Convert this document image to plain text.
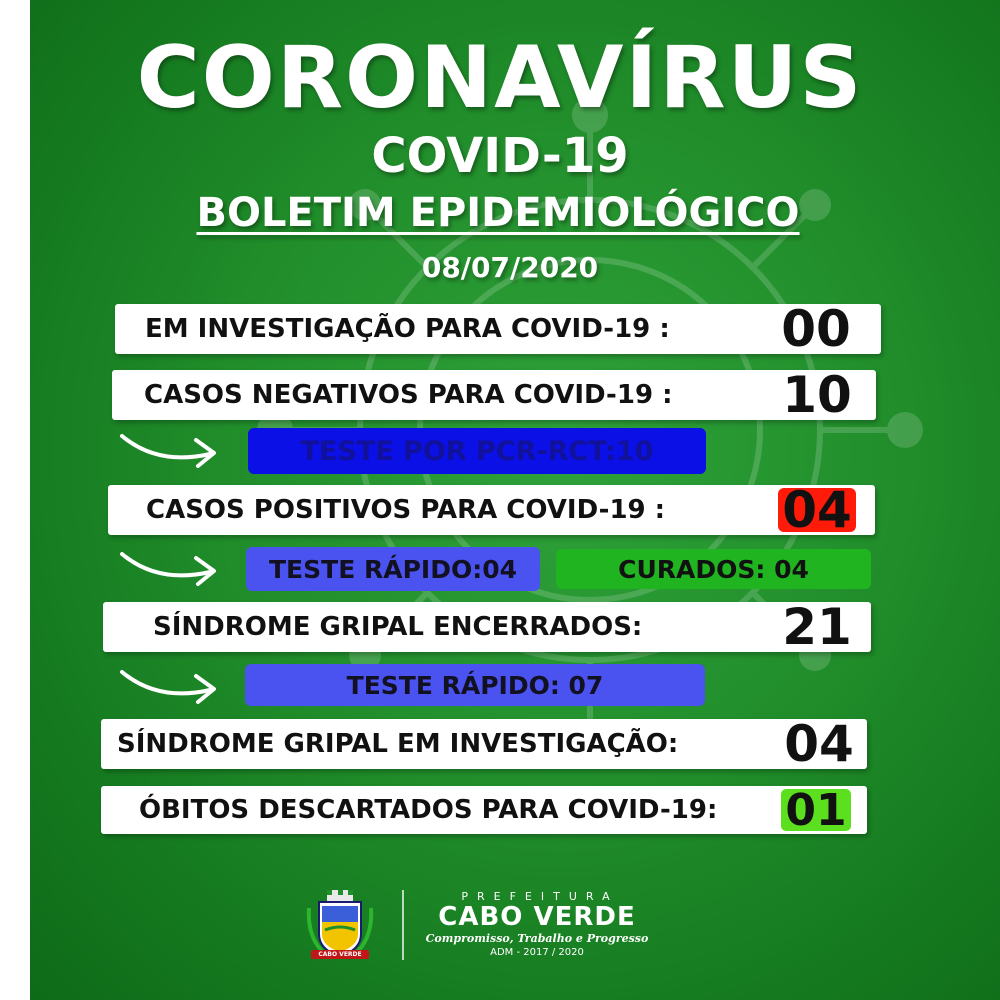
CORONAVÍRUS
COVID-19
BOLETIM EPIDEMIOLÓGICO
08/07/2020
EM INVESTIGAÇÃO PARA COVID-19 : 00
CASOS NEGATIVOS PARA COVID-19 : 10
TESTE POR PCR-RCT:10
CASOS POSITIVOS PARA COVID-19 : 04
TESTE RÁPIDO:04	CURADOS: 04
SÍNDROME GRIPAL ENCERRADOS:	21
TESTE RÁPIDO: 07
SÍNDROME GRIPAL EM INVESTIGAÇÃO: 04
ÓBITOS DESCARTADOS PARA COVID-19: 01
CABO VERDE
PREFEITURA
CABO VERDE
Compromisso, Trabalho e Progresso
ADM - 2017 / 2020
